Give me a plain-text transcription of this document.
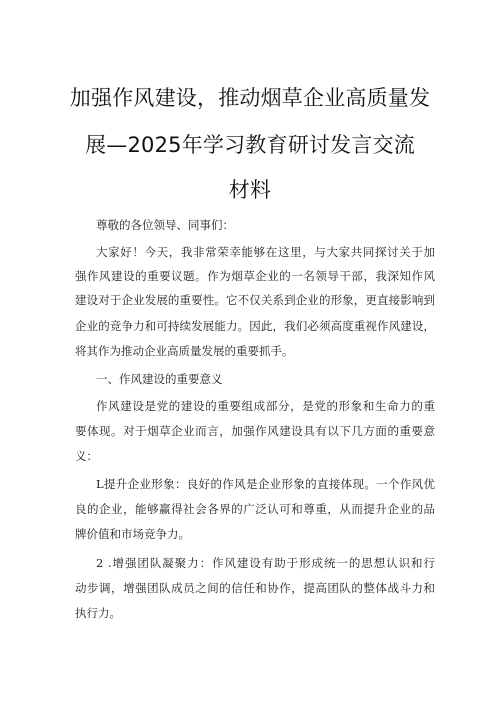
加强作风建设，推动烟草企业高质量发
展—2025年学习教育研讨发言交流
材料
尊敬的各位领导、同事们：
大家好！今天，我非常荣幸能够在这里，与大家共同探讨关于加
强作风建设的重要议题。作为烟草企业的一名领导干部，我深知作风
建设对于企业发展的重要性。它不仅关系到企业的形象，更直接影响到
企业的竞争力和可持续发展能力。因此，我们必须高度重视作风建设，
将其作为推动企业高质量发展的重要抓手。
一、作风建设的重要意义
作风建设是党的建设的重要组成部分，是党的形象和生命力的重
要体现。对于烟草企业而言，加强作风建设具有以下几方面的重要意
义：
L提升企业形象：良好的作风是企业形象的直接体现。一个作风优
良的企业，能够赢得社会各界的广泛认可和尊重，从而提升企业的品
牌价值和市场竞争力。
2 .增强团队凝聚力：作风建设有助于形成统一的思想认识和行
动步调，增强团队成员之间的信任和协作，提高团队的整体战斗力和
执行力。
